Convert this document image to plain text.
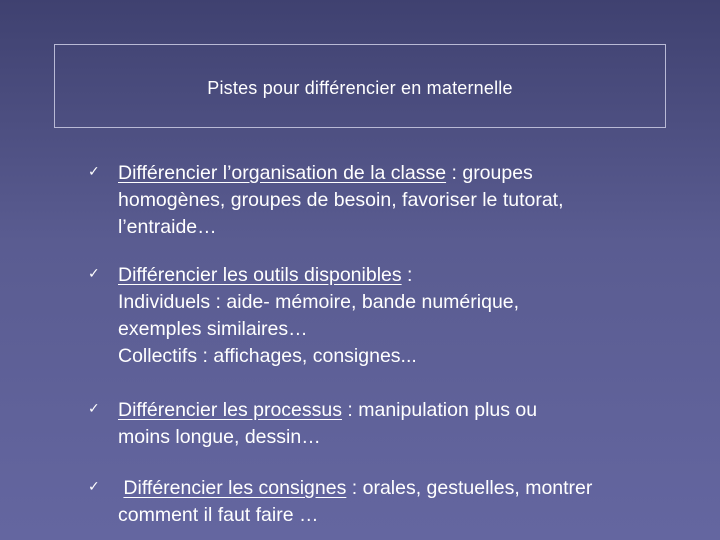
Pistes pour différencier en maternelle
✓ Différencier l’organisation de la classe : groupes
homogènes, groupes de besoin, favoriser le tutorat,
l’entraide…
✓ Différencier les outils disponibles :
Individuels : aide- mémoire, bande numérique,
exemples similaires…
Collectifs : affichages, consignes...
✓ Différencier les processus : manipulation plus ou
moins longue, dessin…
✓ Différencier les consignes : orales, gestuelles, montrer
comment il faut faire …
